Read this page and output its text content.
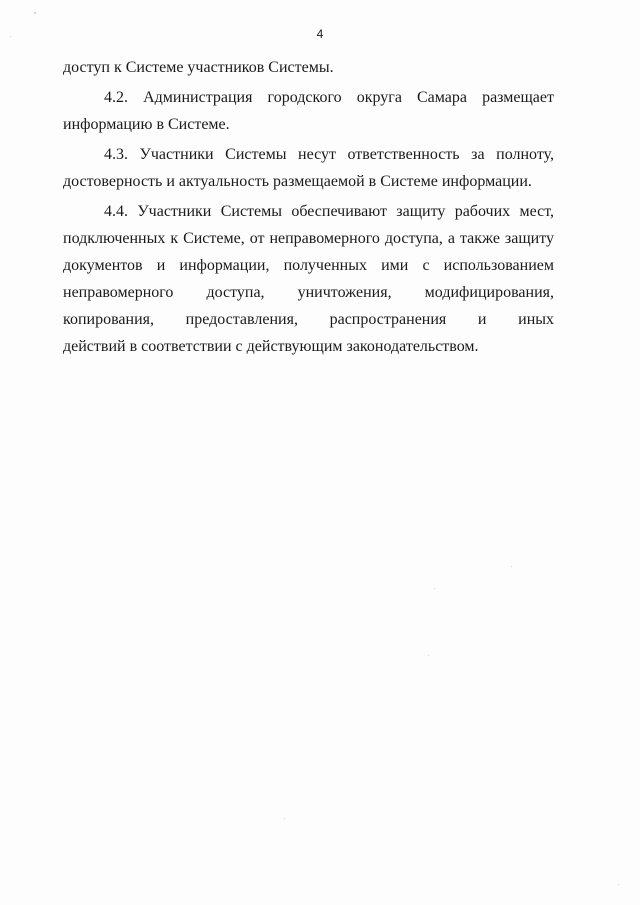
4
доступ к Системе участников Системы.
4.2. Администрация городского округа Самара размещает
информацию в Системе.
4.3. Участники Системы несут ответственность за полноту,
достоверность и актуальность размещаемой в Системе информации.
4.4. Участники Системы обеспечивают защиту рабочих мест,
подключенных к Системе, от неправомерного доступа, а также защиту
документов и информации, полученных ими с использованием
неправомерного доступа, уничтожения, модифицирования,
копирования, предоставления, распространения и иных
действий в соответствии с действующим законодательством.
